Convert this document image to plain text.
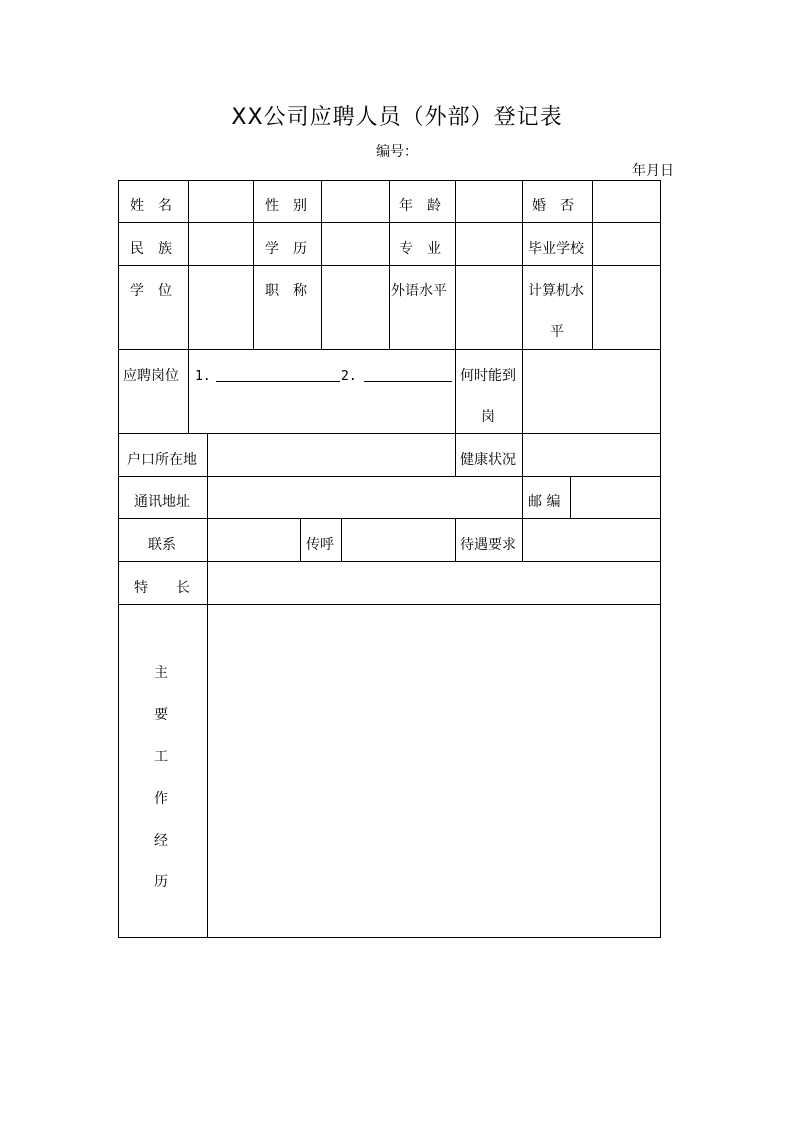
XX公司应聘人员（外部）登记表
编号：
年月日
姓　名	性　别	年　龄	婚　否
民　族	学　历	专　业	毕业学校
学　位	职　称	外语水平	计算机水
平
应聘岗位 1.	2.	何时能到
岗
户口所在地	健康状况
通讯地址	邮 编
联系	传呼	待遇要求
特　　长
主
要
工
作
经
历
